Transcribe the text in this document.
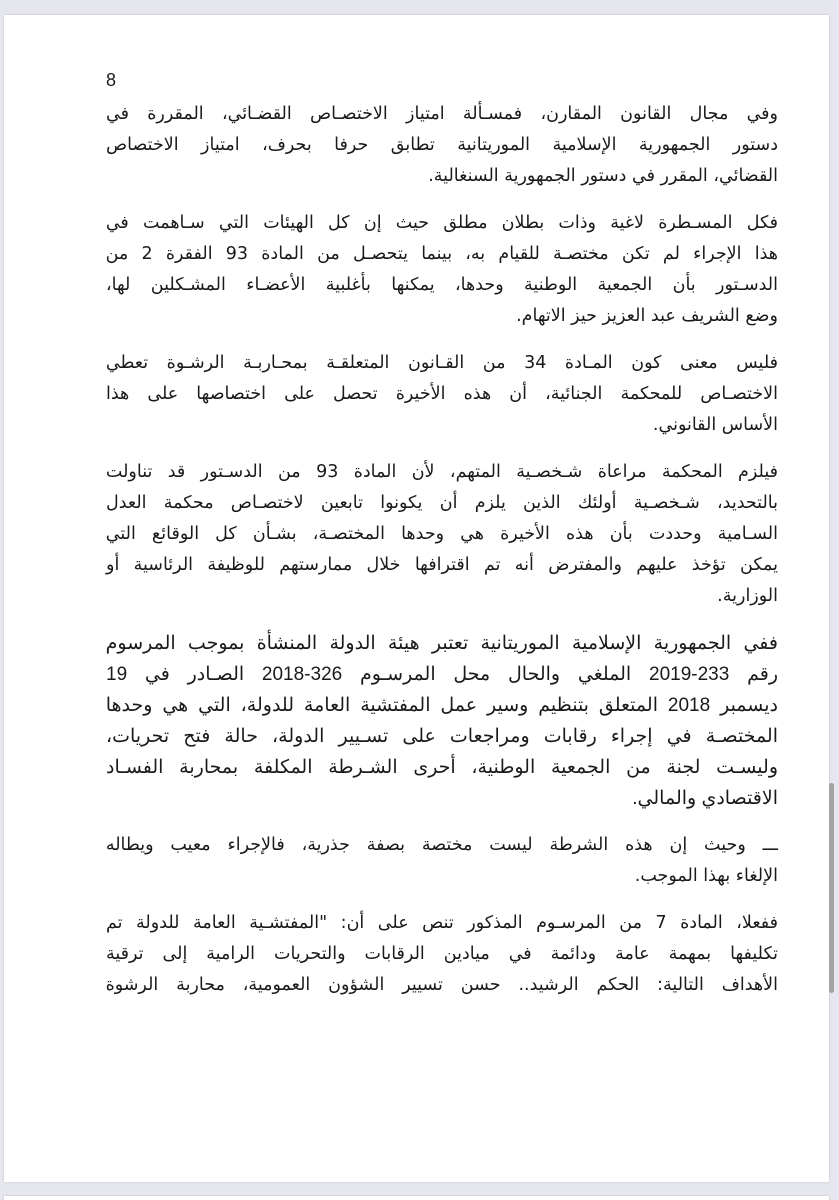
8
وفي مجال القانون المقارن، فمسـألة امتياز الاختصـاص القضـائي، المقررة في
دستور الجمهورية الإسلامية الموريتانية تطابق حرفا بحرف، امتياز الاختصاص
القضائي، المقرر في دستور الجمهورية السنغالية.
فكل المسـطرة لاغية وذات بطلان مطلق حيث إن كل الهيئات التي سـاهمت في
هذا الإجراء لم تكن مختصـة للقيام به، بينما يتحصـل من المادة 93 الفقرة 2 من
الدسـتور بأن الجمعية الوطنية وحدها، يمكنها بأغلبية الأعضـاء المشـكلين لها،
وضع الشريف عبد العزيز حيز الاتهام.
فليس معنى كون المـادة 34 من القـانون المتعلقـة بمحـاربـة الرشـوة تعطي
الاختصـاص للمحكمة الجنائية، أن هذه الأخيرة تحصل على اختصاصها على هذا
الأساس القانوني.
فيلزم المحكمة مراعاة شـخصـية المتهم، لأن المادة 93 من الدسـتور قد تناولت
بالتحديد، شـخصـية أولئك الذين يلزم أن يكونوا تابعين لاختصـاص محكمة العدل
السـامية وحددت بأن هذه الأخيرة هي وحدها المختصـة، بشـأن كل الوقائع التي
يمكن تؤخذ عليهم والمفترض أنه تم اقترافها خلال ممارستهم للوظيفة الرئاسية أو
الوزارية.
ففي الجمهورية الإسلامية الموريتانية تعتبر هيئة الدولة المنشأة بموجب المرسوم
رقم 233-2019 الملغي والحال محل المرسـوم 326-2018 الصـادر في 19
ديسمبر 2018 المتعلق بتنظيم وسير عمل المفتشية العامة للدولة، التي هي وحدها
المختصـة في إجراء رقابات ومراجعات على تسـيير الدولة، حالة فتح تحريات،
وليسـت لجنة من الجمعية الوطنية، أحرى الشـرطة المكلفة بمحاربة الفسـاد
الاقتصادي والمالي.
ـــ وحيث إن هذه الشرطة ليست مختصة بصفة جذرية، فالإجراء معيب ويطاله
الإلغاء بهذا الموجب.
ففعلا، المادة 7 من المرسـوم المذكور تنص على أن: "المفتشـية العامة للدولة تم
تكليفها بمهمة عامة ودائمة في ميادين الرقابات والتحريات الرامية إلى ترقية
الأهداف التالية: الحكم الرشيد.. حسن تسيير الشؤون العمومية، محاربة الرشوة
